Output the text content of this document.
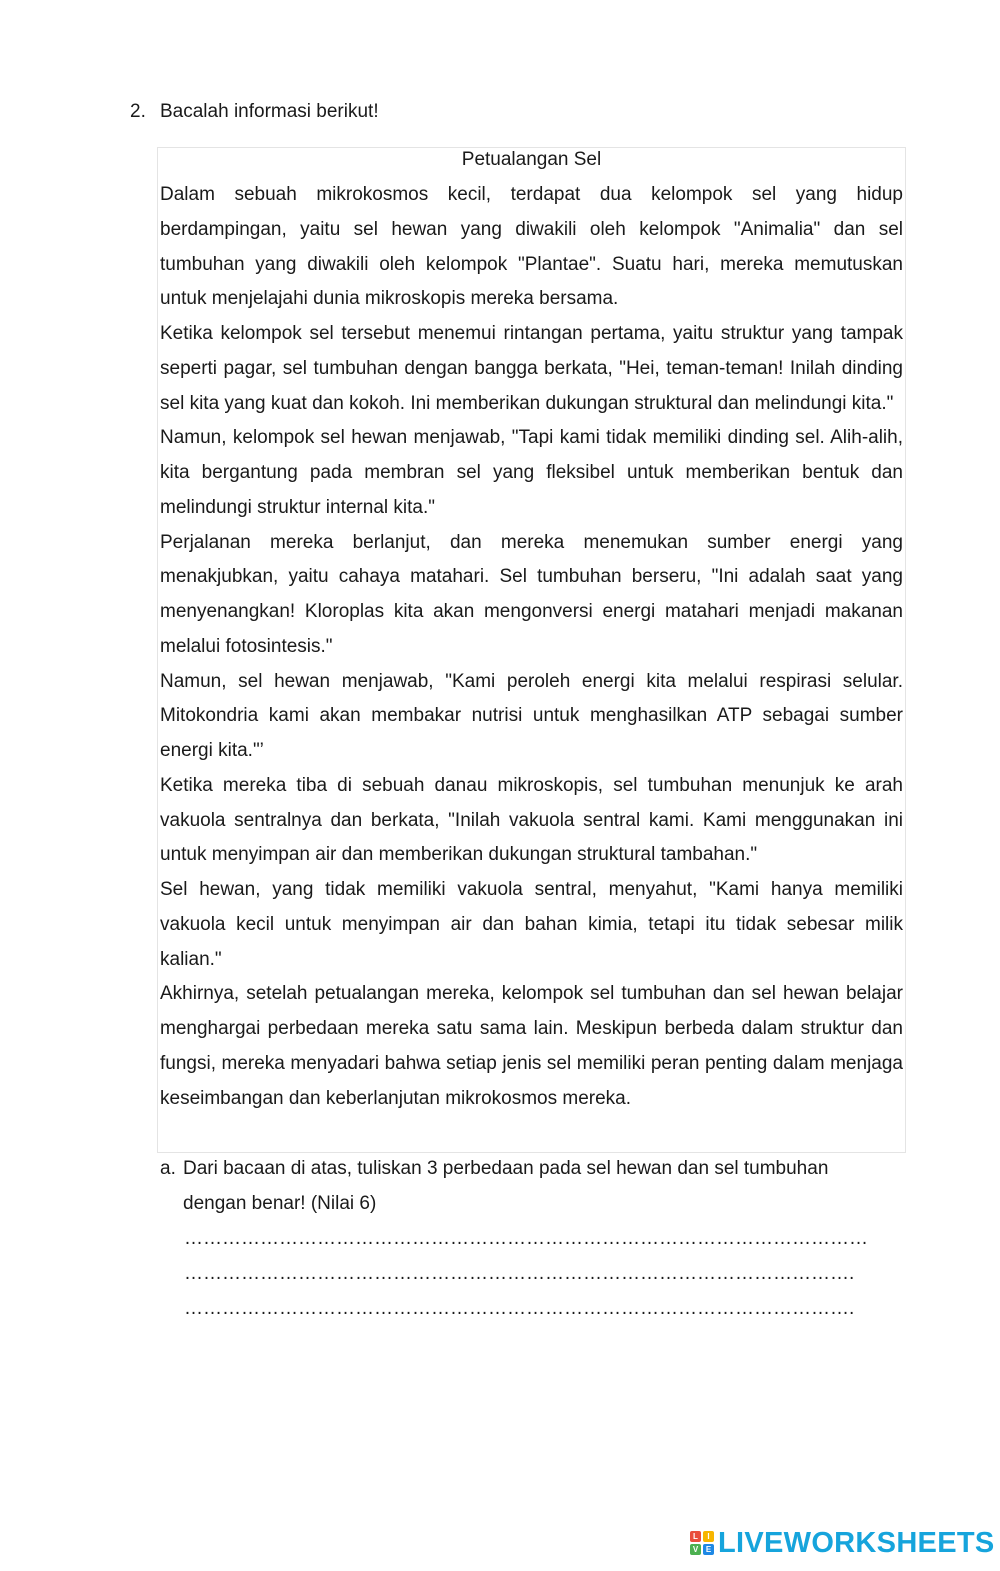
2. Bacalah informasi berikut!
Petualangan Sel

Dalam sebuah mikrokosmos kecil, terdapat dua kelompok sel yang hidup berdampingan, yaitu sel hewan yang diwakili oleh kelompok "Animalia" dan sel tumbuhan yang diwakili oleh kelompok "Plantae". Suatu hari, mereka memutuskan untuk menjelajahi dunia mikroskopis mereka bersama.

Ketika kelompok sel tersebut menemui rintangan pertama, yaitu struktur yang tampak seperti pagar, sel tumbuhan dengan bangga berkata, "Hei, teman-teman! Inilah dinding sel kita yang kuat dan kokoh. Ini memberikan dukungan struktural dan melindungi kita."

Namun, kelompok sel hewan menjawab, "Tapi kami tidak memiliki dinding sel. Alih-alih, kita bergantung pada membran sel yang fleksibel untuk memberikan bentuk dan melindungi struktur internal kita."

Perjalanan mereka berlanjut, dan mereka menemukan sumber energi yang menakjubkan, yaitu cahaya matahari. Sel tumbuhan berseru, "Ini adalah saat yang menyenangkan! Kloroplas kita akan mengonversi energi matahari menjadi makanan melalui fotosintesis."

Namun, sel hewan menjawab, "Kami peroleh energi kita melalui respirasi selular. Mitokondria kami akan membakar nutrisi untuk menghasilkan ATP sebagai sumber energi kita."’

Ketika mereka tiba di sebuah danau mikroskopis, sel tumbuhan menunjuk ke arah vakuola sentralnya dan berkata, "Inilah vakuola sentral kami. Kami menggunakan ini untuk menyimpan air dan memberikan dukungan struktural tambahan."

Sel hewan, yang tidak memiliki vakuola sentral, menyahut, "Kami hanya memiliki vakuola kecil untuk menyimpan air dan bahan kimia, tetapi itu tidak sebesar milik kalian."

Akhirnya, setelah petualangan mereka, kelompok sel tumbuhan dan sel hewan belajar menghargai perbedaan mereka satu sama lain. Meskipun berbeda dalam struktur dan fungsi, mereka menyadari bahwa setiap jenis sel memiliki peran penting dalam menjaga keseimbangan dan keberlanjutan mikrokosmos mereka.

a. Dari bacaan di atas, tuliskan 3 perbedaan pada sel hewan dan sel tumbuhan dengan benar! (Nilai 6)
………………………………………………………………………………………………
…………………………………………………………………………………………….
…………………………………………………………………………………………….
L	I
V E LIVEWORKSHEETS
